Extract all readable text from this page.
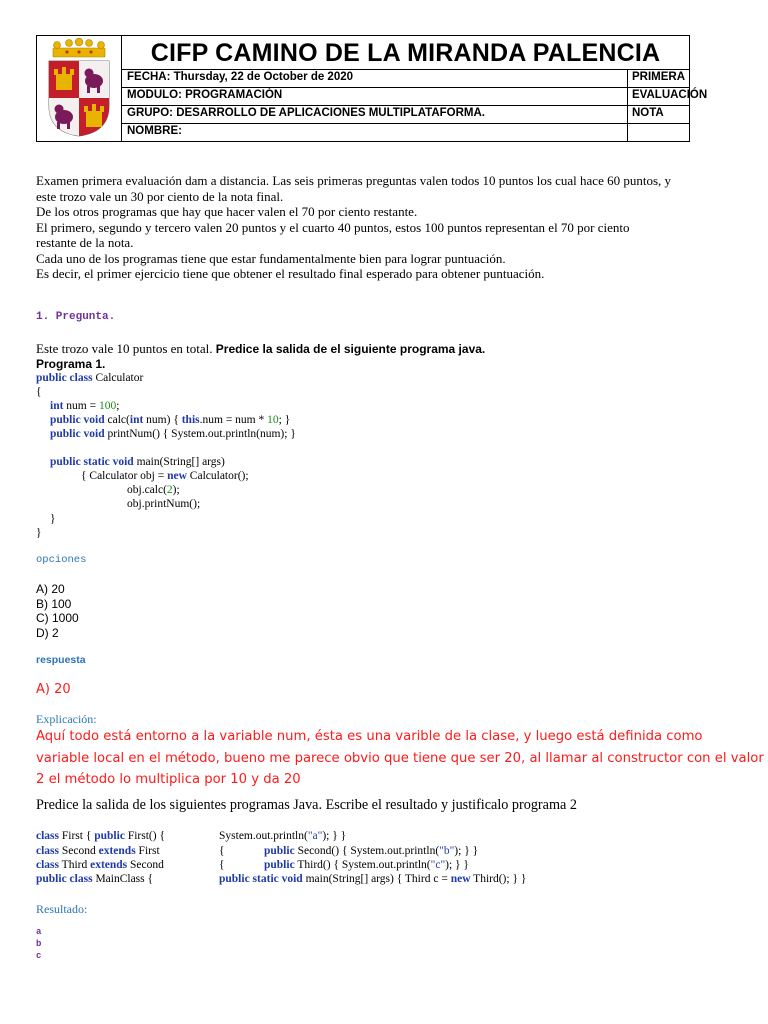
CIFP CAMINO DE LA MIRANDA PALENCIA
FECHA: Thursday, 22 de October de 2020	PRIMERA
MODULO: PROGRAMACIÓN	EVALUACIÓN
GRUPO: DESARROLLO DE APLICACIONES MULTIPLATAFORMA.	NOTA
NOMBRE:
Examen primera evaluación dam a distancia. Las seis primeras preguntas valen todos 10 puntos los cual hace 60 puntos, y
este trozo vale un 30 por ciento de la nota final.
De los otros programas que hay que hacer valen el 70 por ciento restante.
El primero, segundo y tercero valen 20 puntos y el cuarto 40 puntos, estos 100 puntos representan el 70 por ciento
restante de la nota.
Cada uno de los programas tiene que estar fundamentalmente bien para lograr puntuación.
Es decir, el primer ejercicio tiene que obtener el resultado final esperado para obtener puntuación.
1. Pregunta.
Este trozo vale 10 puntos en total. Predice la salida de el siguiente programa java.
Programa 1.
public class Calculator
{
int num = 100;
public void calc(int num) { this.num = num * 10; }
public void printNum() { System.out.println(num); }
public static void main(String[] args)
{ Calculator obj = new Calculator();
obj.calc(2);
obj.printNum();
}
}
opciones
A) 20
B) 100
C) 1000
D) 2
respuesta
A) 20
Explicación:
Aquí todo está entorno a la variable num, ésta es una varible de la clase, y luego está definida como
variable local en el método, bueno me parece obvio que tiene que ser 20, al llamar al constructor con el valor
2 el método lo multiplica por 10 y da 20
Predice la salida de los siguientes programas Java. Escribe el resultado y justificalo programa 2
class First { public First() {	System.out.println("a"); } }
class Second extends First	{	public Second() { System.out.println("b"); } }
class Third extends Second	{	public Third() { System.out.println("c"); } }
public class MainClass {	public static void main(String[] args) { Third c = new Third(); } }
Resultado:
a
b
c
